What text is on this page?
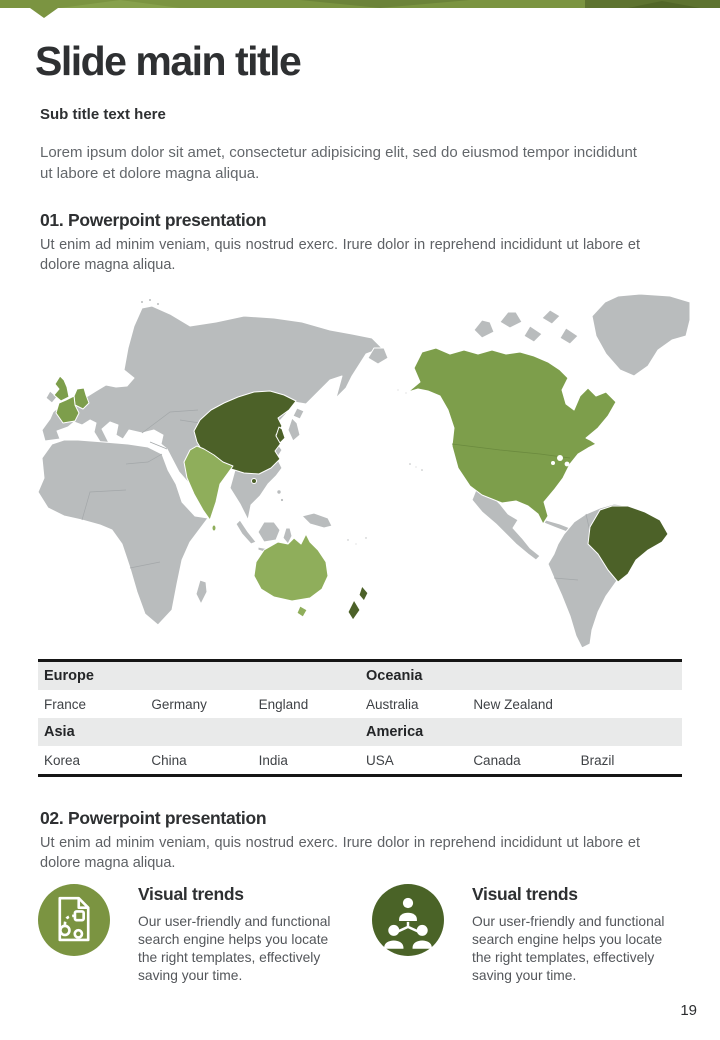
Slide main title
Sub title text here
Lorem ipsum dolor sit amet, consectetur adipisicing elit, sed do eiusmod tempor incididunt ut labore et dolore magna aliqua.
01. Powerpoint presentation
Ut enim ad minim veniam, quis nostrud exerc. Irure dolor in reprehend incididunt ut labore et dolore magna aliqua.
Europe			Oceania		
France	Germany	England	Australia	New Zealand	
Asia			America		
Korea	China	India	USA	Canada	Brazil
02. Powerpoint presentation
Ut enim ad minim veniam, quis nostrud exerc. Irure dolor in reprehend incididunt ut labore et dolore magna aliqua.
Visual trends
Our user-friendly and functional search engine helps you locate the right templates, effectively saving your time.
Visual trends
Our user-friendly and functional search engine helps you locate the right templates, effectively saving your time.
19
